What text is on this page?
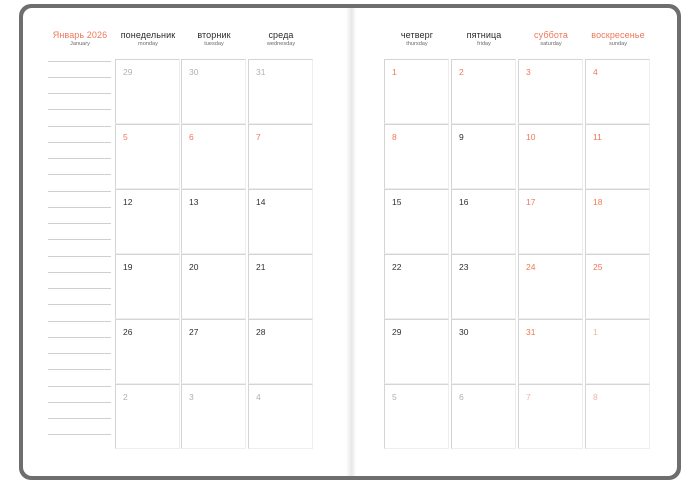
Январь 2026
January
понедельник
monday
вторник
tuesday
среда
wednesday
четверг
thursday
пятница
friday
суббота
saturday
воскресенье
sunday
29	30	31	1	2	3	4
5	6	7	8	9	10	11
12	13	14	15	16	17	18
19	20	21	22	23	24	25
26	27	28	29	30	31	1
2	3	4	5	6	7	8
